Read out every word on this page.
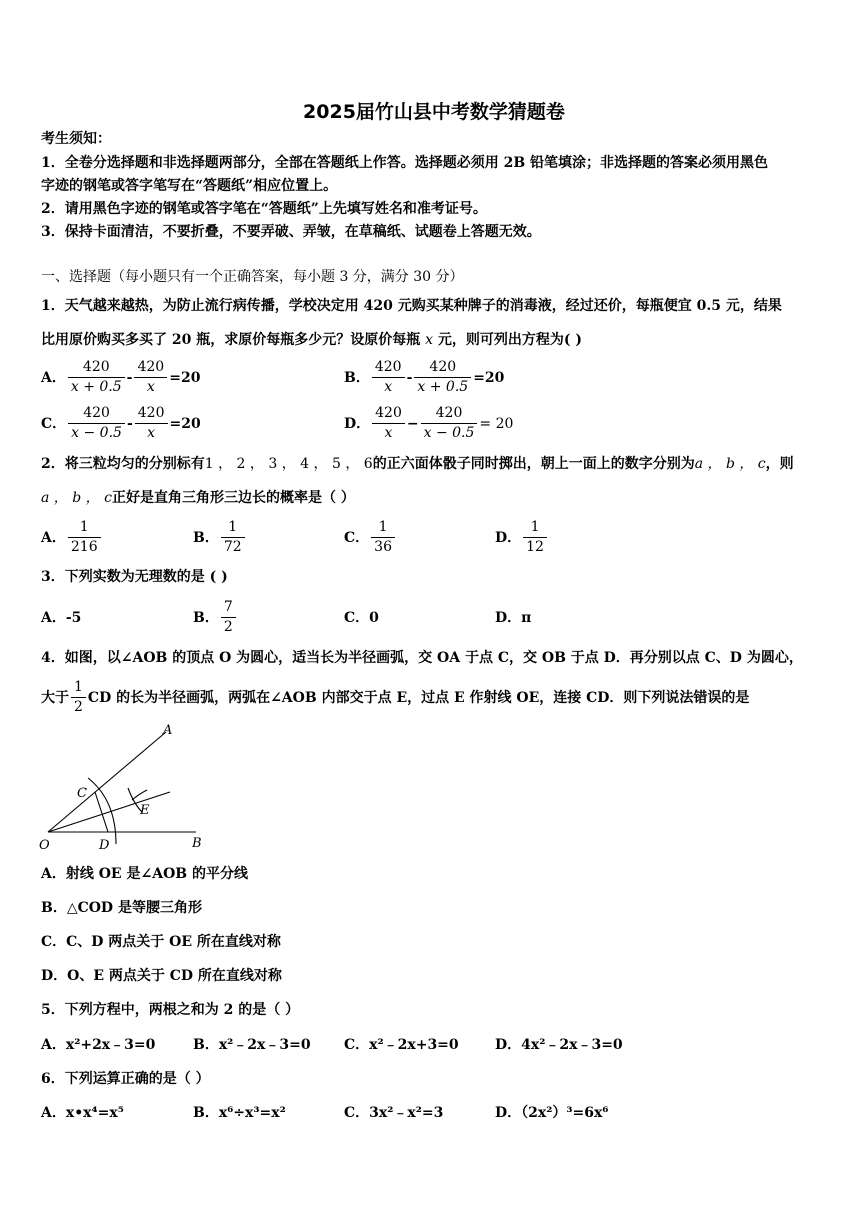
2025届竹山县中考数学猜题卷
考生须知：
1．全卷分选择题和非选择题两部分，全部在答题纸上作答。选择题必须用 2B 铅笔填涂；非选择题的答案必须用黑色
字迹的钢笔或答字笔写在“答题纸”相应位置上。
2．请用黑色字迹的钢笔或答字笔在“答题纸”上先填写姓名和准考证号。
3．保持卡面清洁，不要折叠，不要弄破、弄皱，在草稿纸、试题卷上答题无效。
一、选择题（每小题只有一个正确答案，每小题 3 分，满分 30 分）
1．天气越来越热，为防止流行病传播，学校决定用 420 元购买某种牌子的消毒液，经过还价，每瓶便宜 0.5 元，结果
比用原价购买多买了 20 瓶，求原价每瓶多少元？设原价每瓶 x 元，则可列出方程为( )
A． $\frac{420}{x + 0.5} - \frac{420}{x} =20$	B． $\frac{420}{x} - \frac{420}{x + 0.5} =20$
C． $\frac{420}{x - 0.5} - \frac{420}{x} =20$	D． $\frac{420}{x} - \frac{420}{x - 0.5} = 20$
2．将三粒均匀的分别标有1 ， 2 ， 3 ， 4 ， 5 ， 6的正六面体骰子同时掷出，朝上一面上的数字分别为a ， b ， c，则
a ， b ， c正好是直角三角形三边长的概率是（ ）
A． $\frac{1}{216}$	B． $\frac{1}{72}$	C． $\frac{1}{36}$	D． $\frac{1}{12}$
3．下列实数为无理数的是 ( )
A．-5	B． $\frac{7}{2}$	C．0	D．π
4．如图，以∠AOB 的顶点 O 为圆心，适当长为半径画弧，交 OA 于点 C，交 OB 于点 D．再分别以点 C、D 为圆心，
大于 $\frac{1}{2}$ CD 的长为半径画弧，两弧在∠AOB 内部交于点 E，过点 E 作射线 OE，连接 CD．则下列说法错误的是
A
C
E
O	D	B
A．射线 OE 是∠AOB 的平分线
B．△COD 是等腰三角形
C．C、D 两点关于 OE 所在直线对称
D．O、E 两点关于 CD 所在直线对称
5．下列方程中，两根之和为 2 的是（ ）
A．x²+2x﹣3=0	B．x²﹣2x﹣3=0 C．x²﹣2x+3=0	D．4x²﹣2x﹣3=0
6．下列运算正确的是（ ）
A．x•x⁴=x⁵	B．x⁶÷x³=x²	C．3x²﹣x²=3	D．（2x²）³=6x⁶
